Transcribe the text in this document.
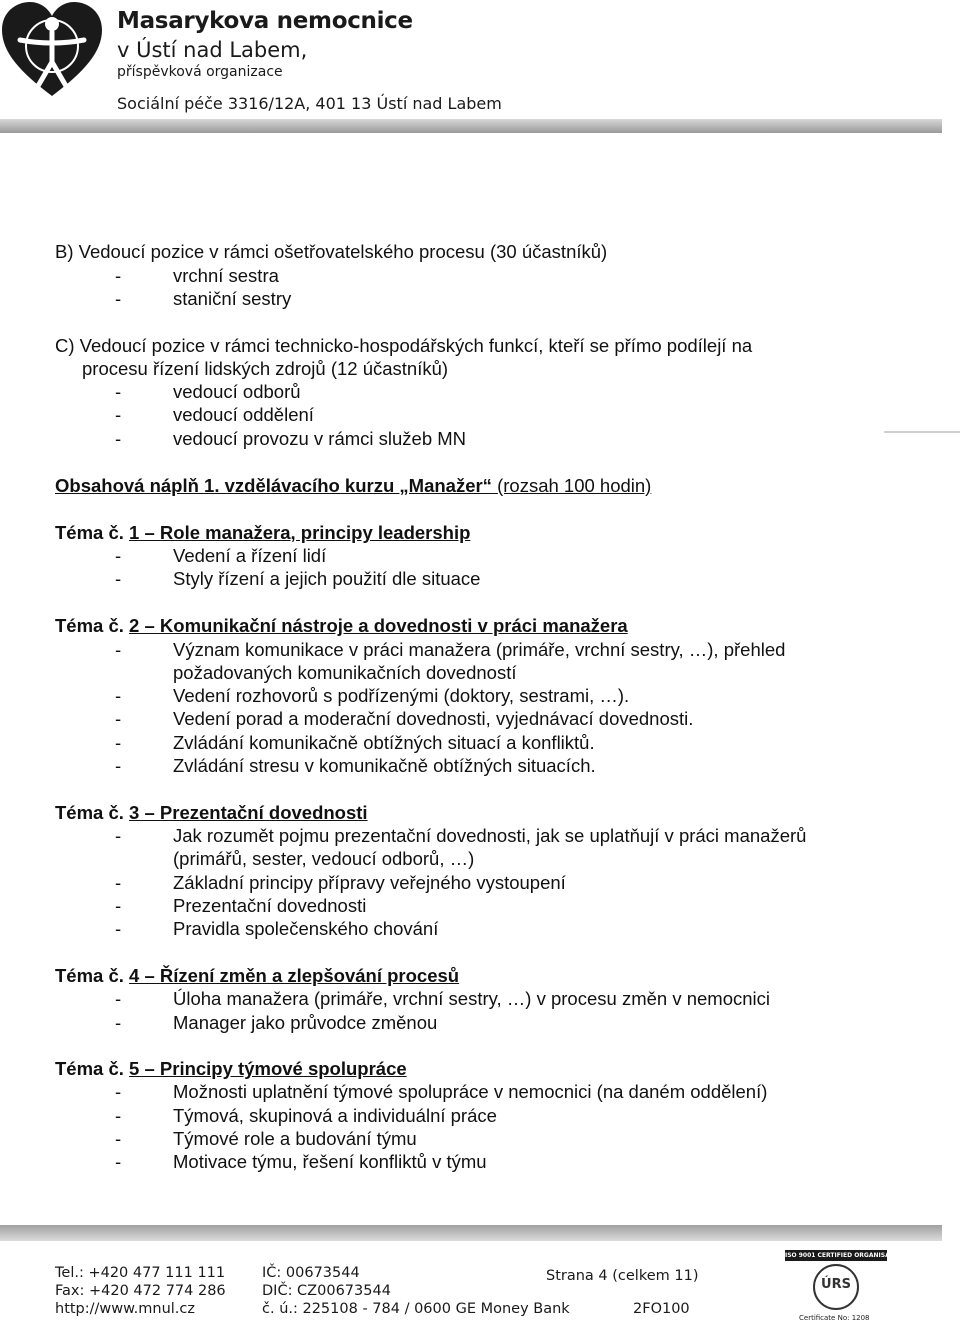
Masarykova nemocnice
v Ústí nad Labem,
příspěvková organizace
Sociální péče 3316/12A, 401 13 Ústí nad Labem
B) Vedoucí pozice v rámci ošetřovatelského procesu (30 účastníků)
-	vrchní sestra
-	staniční sestry
C) Vedoucí pozice v rámci technicko-hospodářských funkcí, kteří se přímo podílejí na
procesu řízení lidských zdrojů (12 účastníků)
-	vedoucí odborů
-	vedoucí oddělení
-	vedoucí provozu v rámci služeb MN
Obsahová náplň 1. vzdělávacího kurzu „Manažer“ (rozsah 100 hodin)
Téma č. 1 – Role manažera, principy leadership
-	Vedení a řízení lidí
-	Styly řízení a jejich použití dle situace
Téma č. 2 – Komunikační nástroje a dovednosti v práci manažera
-	Význam komunikace v práci manažera (primáře, vrchní sestry, …), přehled
požadovaných komunikačních dovedností
-	Vedení rozhovorů s podřízenými (doktory, sestrami, …).
-	Vedení porad a moderační dovednosti, vyjednávací dovednosti.
-	Zvládání komunikačně obtížných situací a konfliktů.
-	Zvládání stresu v komunikačně obtížných situacích.
Téma č. 3 – Prezentační dovednosti
-	Jak rozumět pojmu prezentační dovednosti, jak se uplatňují v práci manažerů
(primářů, sester, vedoucí odborů, …)
-	Základní principy přípravy veřejného vystoupení
-	Prezentační dovednosti
-	Pravidla společenského chování
Téma č. 4 – Řízení změn a zlepšování procesů
-	Úloha manažera (primáře, vrchní sestry, …) v procesu změn v nemocnici
-	Manager jako průvodce změnou
Téma č. 5 – Principy týmové spolupráce
-	Možnosti uplatnění týmové spolupráce v nemocnici (na daném oddělení)
-	Týmová, skupinová a individuální práce
-	Týmové role a budování týmu
-	Motivace týmu, řešení konfliktů v týmu
Tel.: +420 477 111 111
Fax: +420 472 774 286
http://www.mnul.cz
IČ: 00673544
DIČ: CZ00673544
č. ú.: 225108 - 784 / 0600 GE Money Bank
Strana 4 (celkem 11)
2FO100
ISO 9001 CERTIFIED ORGANISATION
ÚRS
Certificate No: 1208
